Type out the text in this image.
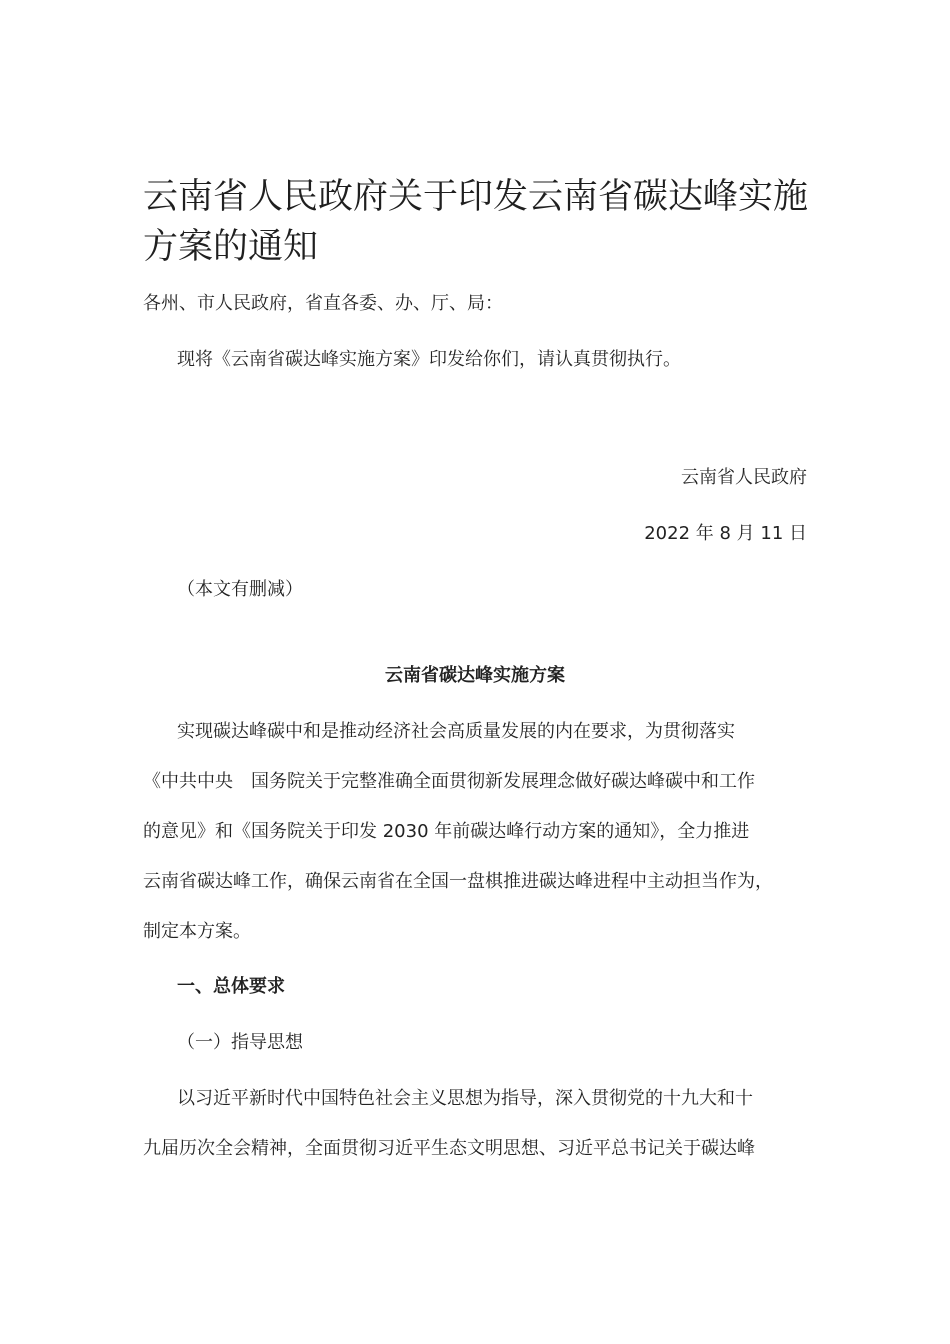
云南省人民政府关于印发云南省碳达峰实施方案的通知
各州、市人民政府，省直各委、办、厅、局：
现将《云南省碳达峰实施方案》印发给你们，请认真贯彻执行。
云南省人民政府
2022 年 8 月 11 日
（本文有删减）
云南省碳达峰实施方案
实现碳达峰碳中和是推动经济社会高质量发展的内在要求，为贯彻落实
《中共中央　国务院关于完整准确全面贯彻新发展理念做好碳达峰碳中和工作
的意见》和《国务院关于印发 2030 年前碳达峰行动方案的通知》，全力推进
云南省碳达峰工作，确保云南省在全国一盘棋推进碳达峰进程中主动担当作为，
制定本方案。
一、总体要求
（一）指导思想
以习近平新时代中国特色社会主义思想为指导，深入贯彻党的十九大和十
九届历次全会精神，全面贯彻习近平生态文明思想、习近平总书记关于碳达峰
